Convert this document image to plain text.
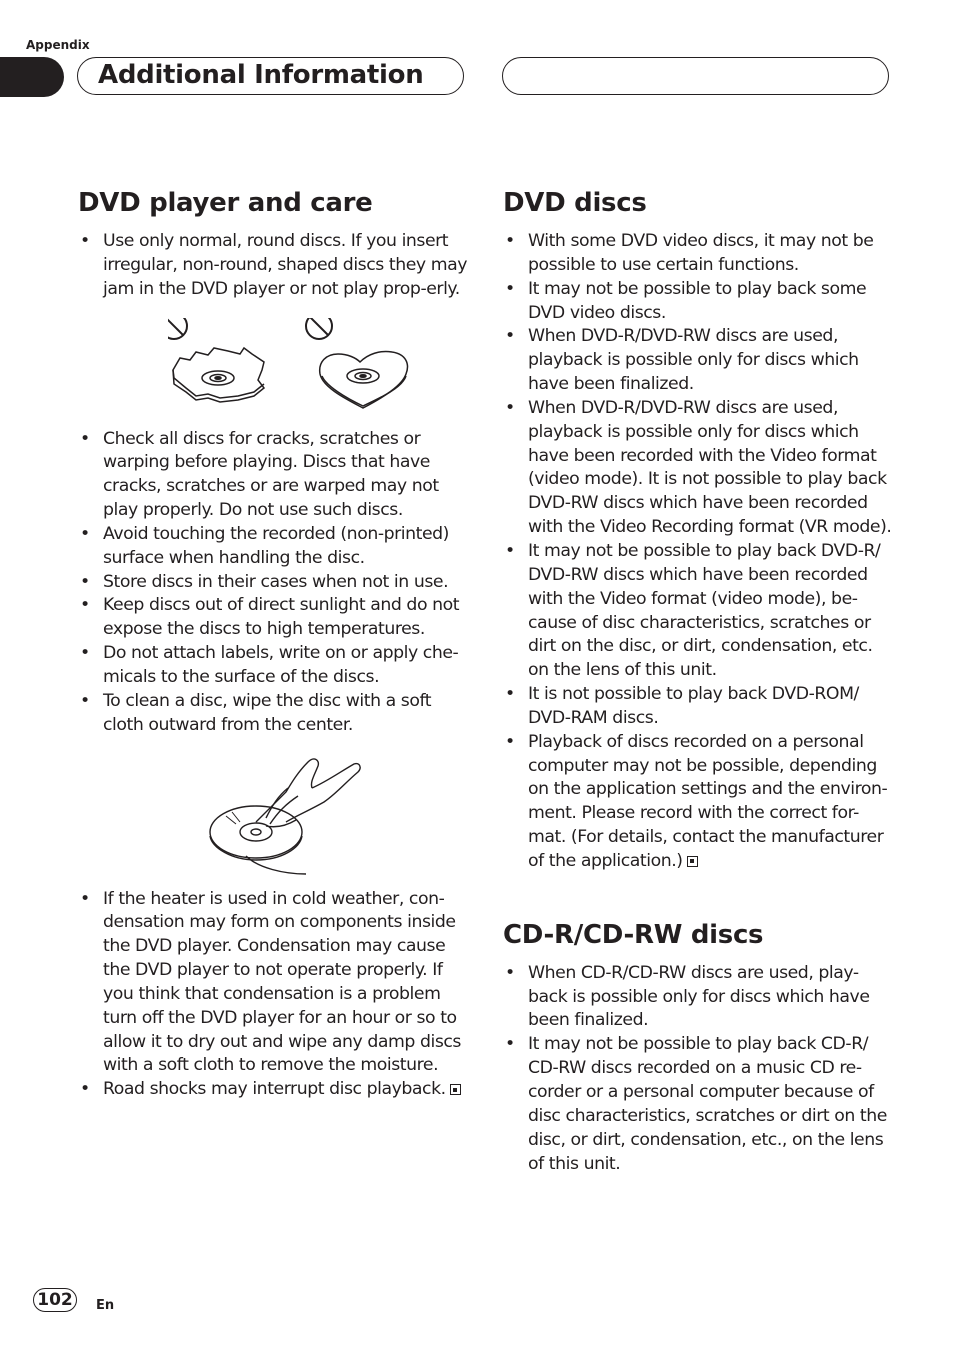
Appendix
Additional Information
DVD player and care
• Use only normal, round discs. If you insert irregular, non-round, shaped discs they may jam in the DVD player or not play prop-erly.
• Check all discs for cracks, scratches or warping before playing. Discs that have cracks, scratches or are warped may not play properly. Do not use such discs.
• Avoid touching the recorded (non-printed) surface when handling the disc.
• Store discs in their cases when not in use.
• Keep discs out of direct sunlight and do not expose the discs to high temperatures.
• Do not attach labels, write on or apply che-micals to the surface of the discs.
• To clean a disc, wipe the disc with a soft cloth outward from the center.
• If the heater is used in cold weather, con-densation may form on components inside the DVD player. Condensation may cause the DVD player to not operate properly. If you think that condensation is a problem turn off the DVD player for an hour or so to allow it to dry out and wipe any damp discs with a soft cloth to remove the moisture.
• Road shocks may interrupt disc playback.
DVD discs
• With some DVD video discs, it may not be possible to use certain functions.
• It may not be possible to play back some DVD video discs.
• When DVD-R/DVD-RW discs are used, playback is possible only for discs which have been finalized.
• When DVD-R/DVD-RW discs are used, playback is possible only for discs which have been recorded with the Video format (video mode). It is not possible to play back DVD-RW discs which have been recorded with the Video Recording format (VR mode).
• It may not be possible to play back DVD-R/ DVD-RW discs which have been recorded with the Video format (video mode), be-cause of disc characteristics, scratches or dirt on the disc, or dirt, condensation, etc. on the lens of this unit.
• It is not possible to play back DVD-ROM/ DVD-RAM discs.
• Playback of discs recorded on a personal computer may not be possible, depending on the application settings and the environ-ment. Please record with the correct for-mat. (For details, contact the manufacturer of the application.)
CD-R/CD-RW discs
• When CD-R/CD-RW discs are used, play-back is possible only for discs which have been finalized.
• It may not be possible to play back CD-R/ CD-RW discs recorded on a music CD re-corder or a personal computer because of disc characteristics, scratches or dirt on the disc, or dirt, condensation, etc., on the lens of this unit.
102	En
